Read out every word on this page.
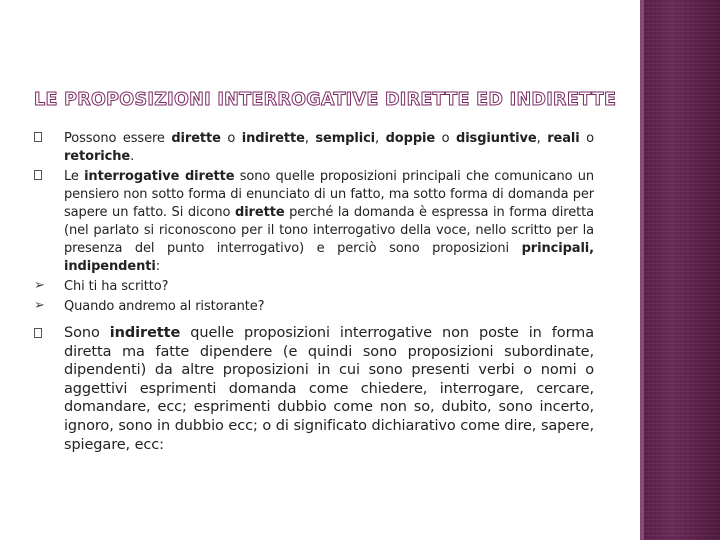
LE PROPOSIZIONI INTERROGATIVE DIRETTE ED INDIRETTE
Possono essere dirette o indirette, semplici, doppie o disgiuntive, reali o retoriche.
Le interrogative dirette sono quelle proposizioni principali che comunicano un pensiero non sotto forma di enunciato di un fatto, ma sotto forma di domanda per sapere un fatto. Si dicono dirette perché la domanda è espressa in forma diretta (nel parlato si riconoscono per il tono interrogativo della voce, nello scritto per la presenza del punto interrogativo) e perciò sono proposizioni principali, indipendenti:
➢ Chi ti ha scritto?
➢ Quando andremo al ristorante?
Sono indirette quelle proposizioni interrogative non poste in forma diretta ma fatte dipendere (e quindi sono proposizioni subordinate, dipendenti) da altre proposizioni in cui sono presenti verbi o nomi o aggettivi esprimenti domanda come chiedere, interrogare, cercare, domandare, ecc; esprimenti dubbio come non so, dubito, sono incerto, ignoro, sono in dubbio ecc; o di significato dichiarativo come dire, sapere, spiegare, ecc:
